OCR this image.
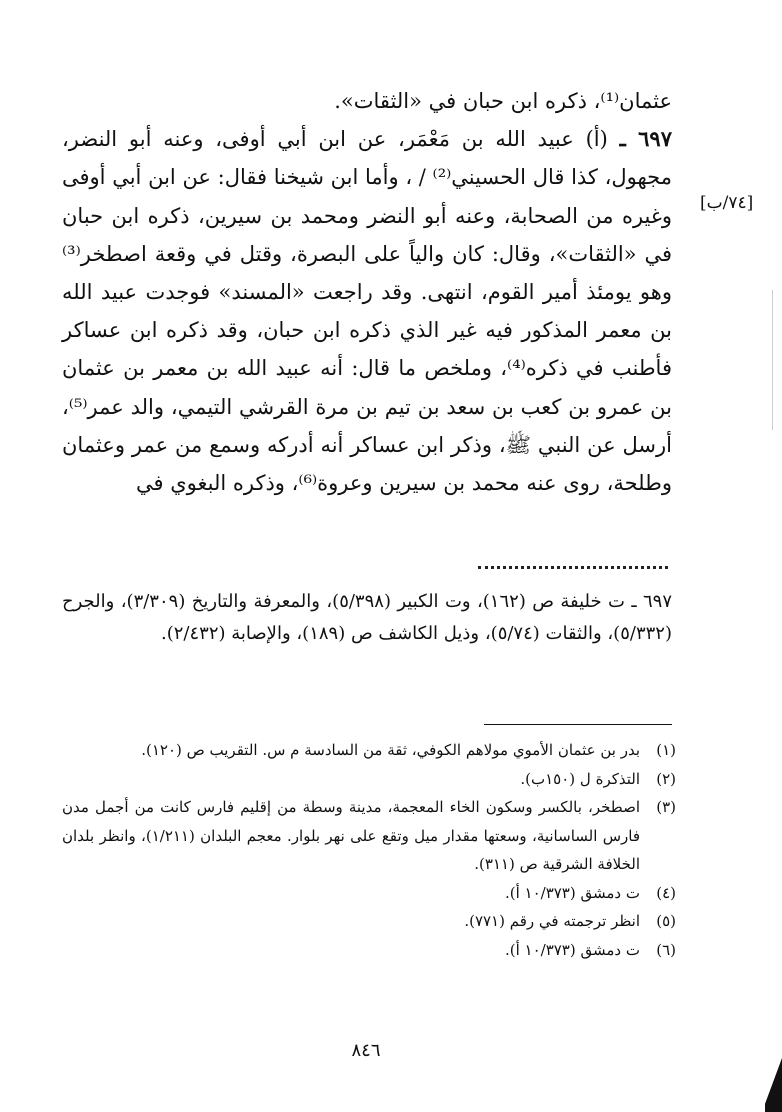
عثمان⁽¹⁾، ذكره ابن حبان في «الثقات».

٦٩٧ ـ (أ) عبيد الله بن مَعْمَر، عن ابن أبي أوفى، وعنه أبو النضر، مجهول، كذا قال الحسيني⁽²⁾ / ، وأما ابن شيخنا فقال: عن ابن أبي أوفى وغيره من الصحابة، وعنه أبو النضر ومحمد بن سيرين، ذكره ابن حبان في «الثقات»، وقال: كان والياً على البصرة، وقتل في وقعة اصطخر⁽³⁾ وهو يومئذ أمير القوم، انتهى. وقد راجعت «المسند» فوجدت عبيد الله بن معمر المذكور فيه غير الذي ذكره ابن حبان، وقد ذكره ابن عساكر فأطنب في ذكره⁽⁴⁾، وملخص ما قال: أنه عبيد الله بن معمر بن عثمان بن عمرو بن كعب بن سعد بن تيم بن مرة القرشي التيمي، والد عمر⁽⁵⁾، أرسل عن النبي ﷺ، وذكر ابن عساكر أنه أدركه وسمع من عمر وعثمان وطلحة، روى عنه محمد بن سيرين وعروة⁽⁶⁾، وذكره البغوي في

[٧٤/ب]

٦٩٧ ـ ت خليفة ص (١٦٢)، وت الكبير (٥/٣٩٨)، والمعرفة والتاريخ (٣/٣٠٩)، والجرح (٥/٣٣٢)، والثقات (٥/٧٤)، وذيل الكاشف ص (١٨٩)، والإصابة (٢/٤٣٢).

(١)
بدر بن عثمان الأموي مولاهم الكوفي، ثقة من السادسة م س. التقريب ص (١٢٠).
(٢)
التذكرة ل (١٥٠ب).
(٣)
اصطخر، بالكسر وسكون الخاء المعجمة، مدينة وسطة من إقليم فارس كانت من أجمل مدن فارس الساسانية، وسعتها مقدار ميل وتقع على نهر بلوار. معجم البلدان (١/٢١١)، وانظر بلدان الخلافة الشرقية ص (٣١١).
(٤)
ت دمشق (١٠/٣٧٣ أ).
(٥)
انظر ترجمته في رقم (٧٧١).
(٦)
ت دمشق (١٠/٣٧٣ أ).
٨٤٦
